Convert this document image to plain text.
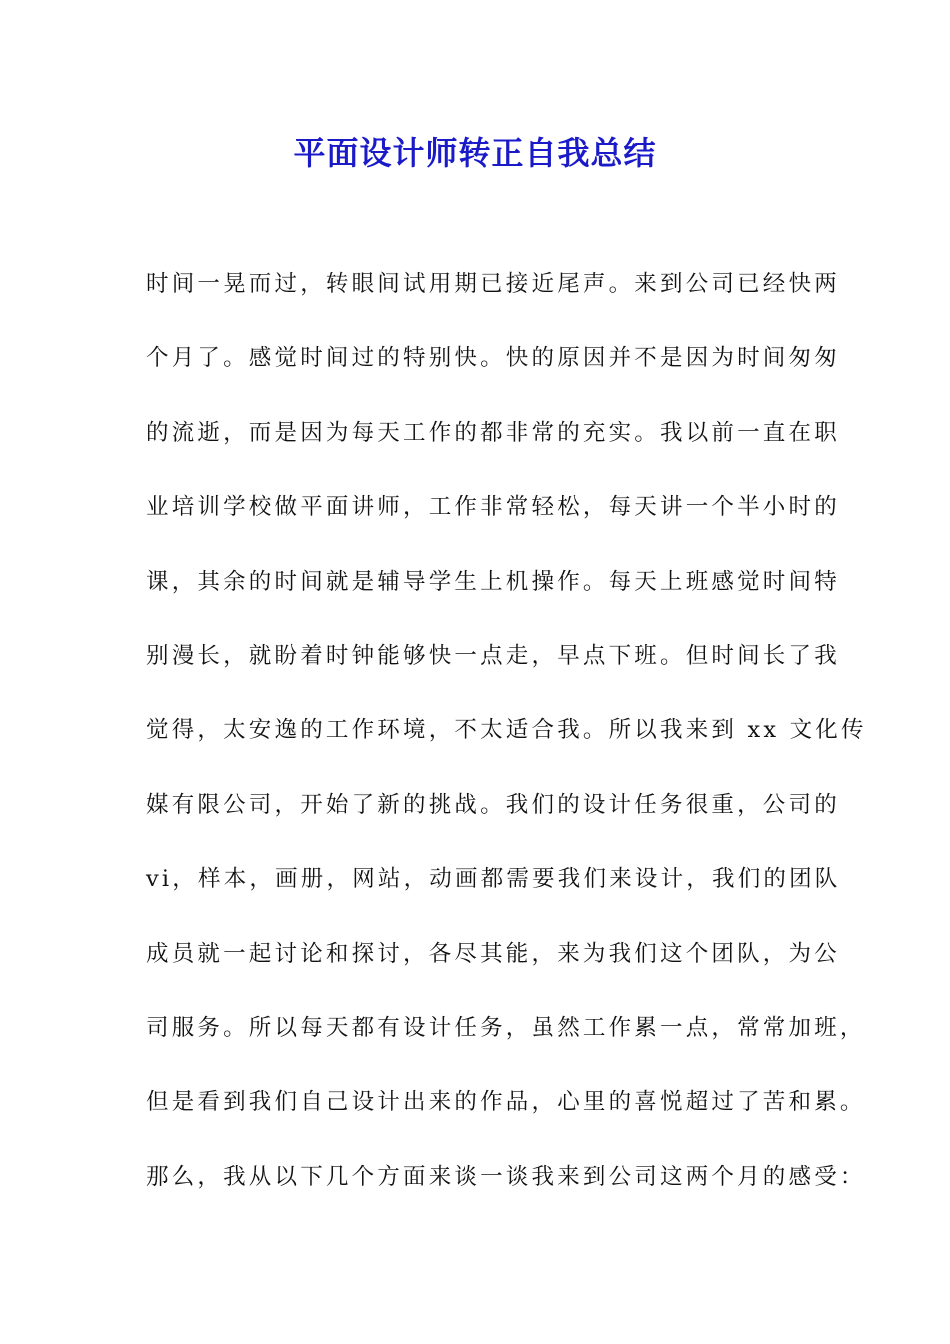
平面设计师转正自我总结
时间一晃而过，转眼间试用期已接近尾声。来到公司已经快两
个月了。感觉时间过的特别快。快的原因并不是因为时间匆匆
的流逝，而是因为每天工作的都非常的充实。我以前一直在职
业培训学校做平面讲师，工作非常轻松，每天讲一个半小时的
课，其余的时间就是辅导学生上机操作。每天上班感觉时间特
别漫长，就盼着时钟能够快一点走，早点下班。但时间长了我
觉得，太安逸的工作环境，不太适合我。所以我来到 xx 文化传
媒有限公司，开始了新的挑战。我们的设计任务很重，公司的
vi，样本，画册，网站，动画都需要我们来设计，我们的团队
成员就一起讨论和探讨，各尽其能，来为我们这个团队，为公
司服务。所以每天都有设计任务，虽然工作累一点，常常加班，
但是看到我们自己设计出来的作品，心里的喜悦超过了苦和累。
那么，我从以下几个方面来谈一谈我来到公司这两个月的感受：
